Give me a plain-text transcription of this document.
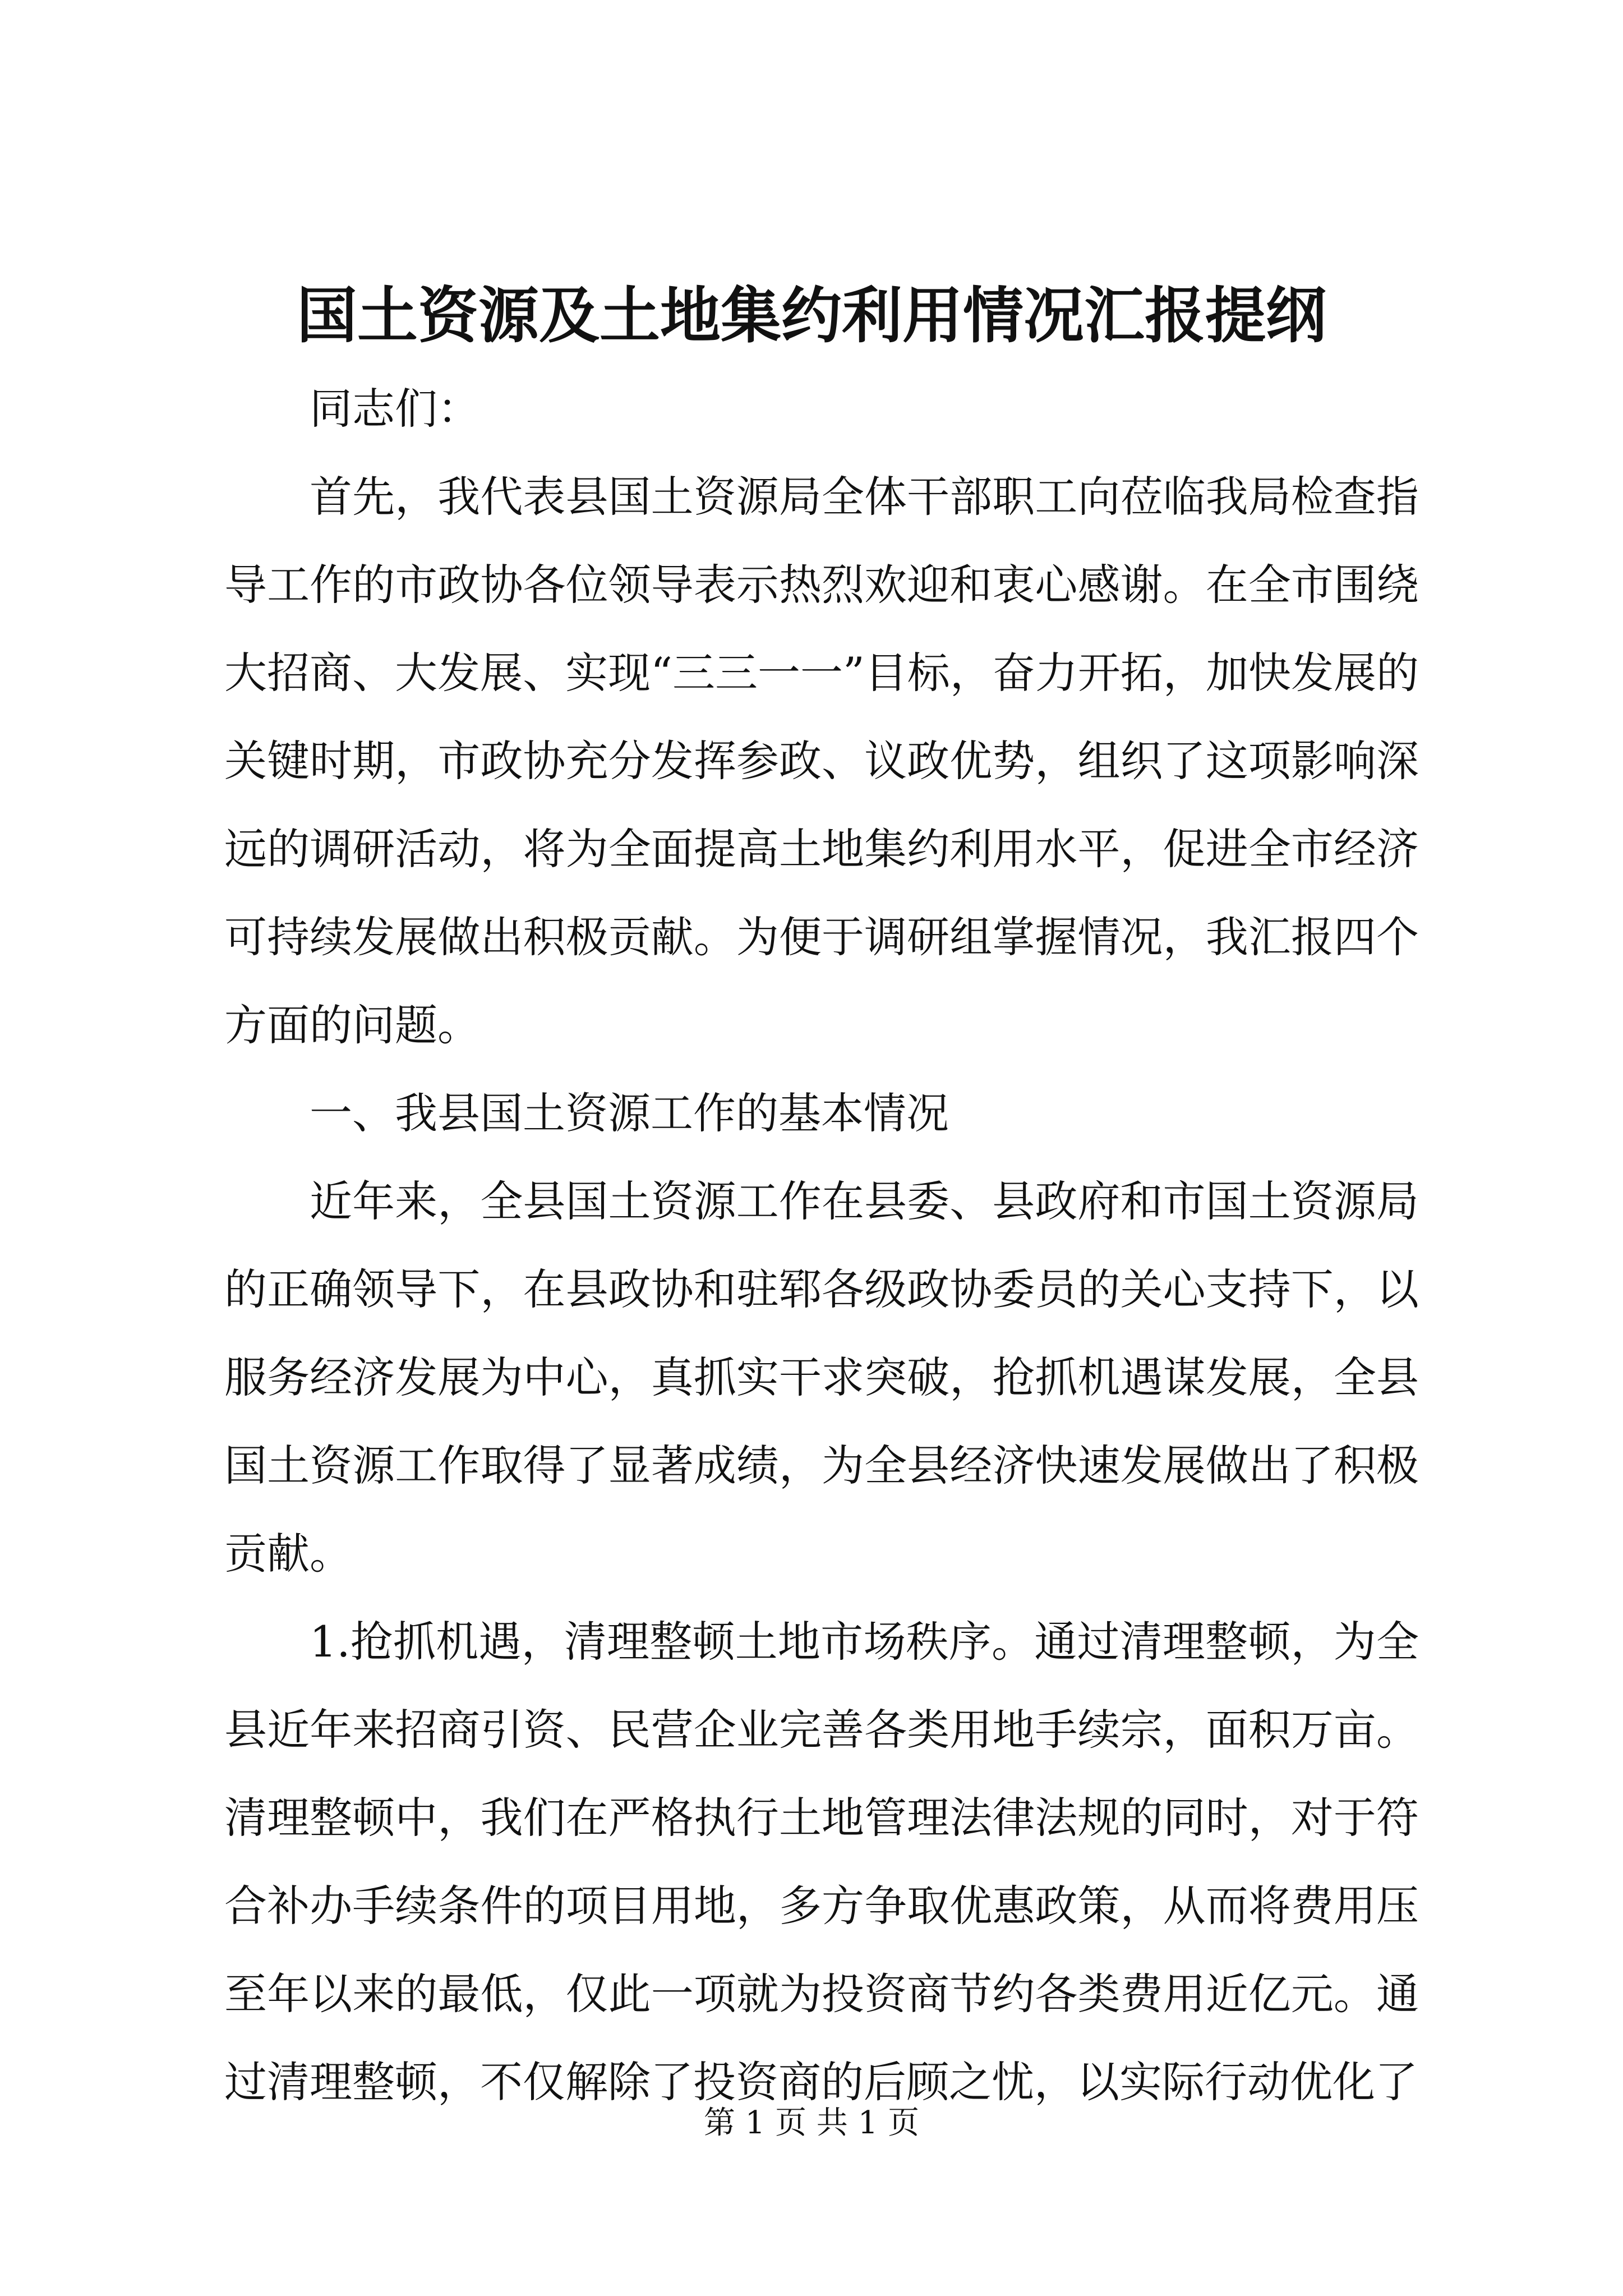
国土资源及土地集约利用情况汇报提纲

同志们：

首先，我代表县国土资源局全体干部职工向莅临我局检查指导工作的市政协各位领导表示热烈欢迎和衷心感谢。在全市围绕大招商、大发展、实现“三三一一”目标，奋力开拓，加快发展的关键时期，市政协充分发挥参政、议政优势，组织了这项影响深远的调研活动，将为全面提高土地集约利用水平，促进全市经济可持续发展做出积极贡献。为便于调研组掌握情况，我汇报四个方面的问题。

一、我县国土资源工作的基本情况

近年来，全县国土资源工作在县委、县政府和市国土资源局的正确领导下，在县政协和驻郓各级政协委员的关心支持下，以服务经济发展为中心，真抓实干求突破，抢抓机遇谋发展，全县国土资源工作取得了显著成绩，为全县经济快速发展做出了积极贡献。

1.抢抓机遇，清理整顿土地市场秩序。通过清理整顿，为全县近年来招商引资、民营企业完善各类用地手续宗，面积万亩。清理整顿中，我们在严格执行土地管理法律法规的同时，对于符合补办手续条件的项目用地，多方争取优惠政策，从而将费用压至年以来的最低，仅此一项就为投资商节约各类费用近亿元。通过清理整顿，不仅解除了投资商的后顾之忧，以实际行动优化了

第 1 页 共 1 页
